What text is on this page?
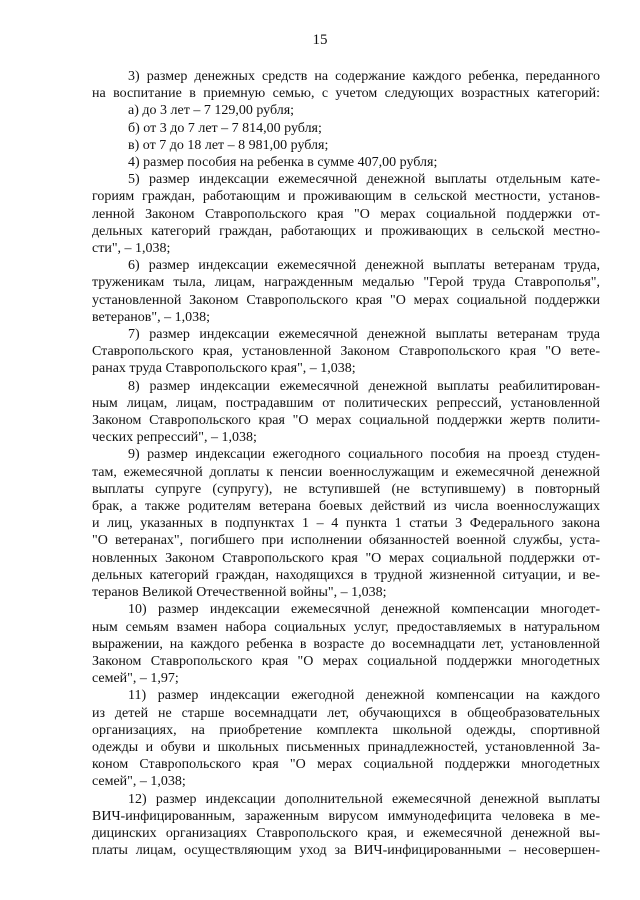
15
3) размер денежных средств на содержание каждого ребенка, переданного
на воспитание в приемную семью, с учетом следующих возрастных категорий:
а) до 3 лет – 7 129,00 рубля;
б) от 3 до 7 лет – 7 814,00 рубля;
в) от 7 до 18 лет – 8 981,00 рубля;
4) размер пособия на ребенка в сумме 407,00 рубля;
5) размер индексации ежемесячной денежной выплаты отдельным кате-
гориям граждан, работающим и проживающим в сельской местности, установ-
ленной Законом Ставропольского края "О мерах социальной поддержки от-
дельных категорий граждан, работающих и проживающих в сельской местно-
сти", – 1,038;
6) размер индексации ежемесячной денежной выплаты ветеранам труда,
труженикам тыла, лицам, награжденным медалью "Герой труда Ставрополья",
установленной Законом Ставропольского края "О мерах социальной поддержки
ветеранов", – 1,038;
7) размер индексации ежемесячной денежной выплаты ветеранам труда
Ставропольского края, установленной Законом Ставропольского края "О вете-
ранах труда Ставропольского края", – 1,038;
8) размер индексации ежемесячной денежной выплаты реабилитирован-
ным лицам, лицам, пострадавшим от политических репрессий, установленной
Законом Ставропольского края "О мерах социальной поддержки жертв полити-
ческих репрессий", – 1,038;
9) размер индексации ежегодного социального пособия на проезд студен-
там, ежемесячной доплаты к пенсии военнослужащим и ежемесячной денежной
выплаты супруге (супругу), не вступившей (не вступившему) в повторный
брак, а также родителям ветерана боевых действий из числа военнослужащих
и лиц, указанных в подпунктах 1 – 4 пункта 1 статьи 3 Федерального закона
"О ветеранах", погибшего при исполнении обязанностей военной службы, уста-
новленных Законом Ставропольского края "О мерах социальной поддержки от-
дельных категорий граждан, находящихся в трудной жизненной ситуации, и ве-
теранов Великой Отечественной войны", – 1,038;
10) размер индексации ежемесячной денежной компенсации многодет-
ным семьям взамен набора социальных услуг, предоставляемых в натуральном
выражении, на каждого ребенка в возрасте до восемнадцати лет, установленной
Законом Ставропольского края "О мерах социальной поддержки многодетных
семей", – 1,97;
11) размер индексации ежегодной денежной компенсации на каждого
из детей не старше восемнадцати лет, обучающихся в общеобразовательных
организациях, на приобретение комплекта школьной одежды, спортивной
одежды и обуви и школьных письменных принадлежностей, установленной За-
коном Ставропольского края "О мерах социальной поддержки многодетных
семей", – 1,038;
12) размер индексации дополнительной ежемесячной денежной выплаты
ВИЧ-инфицированным, зараженным вирусом иммунодефицита человека в ме-
дицинских организациях Ставропольского края, и ежемесячной денежной вы-
платы лицам, осуществляющим уход за ВИЧ-инфицированными – несовершен-
